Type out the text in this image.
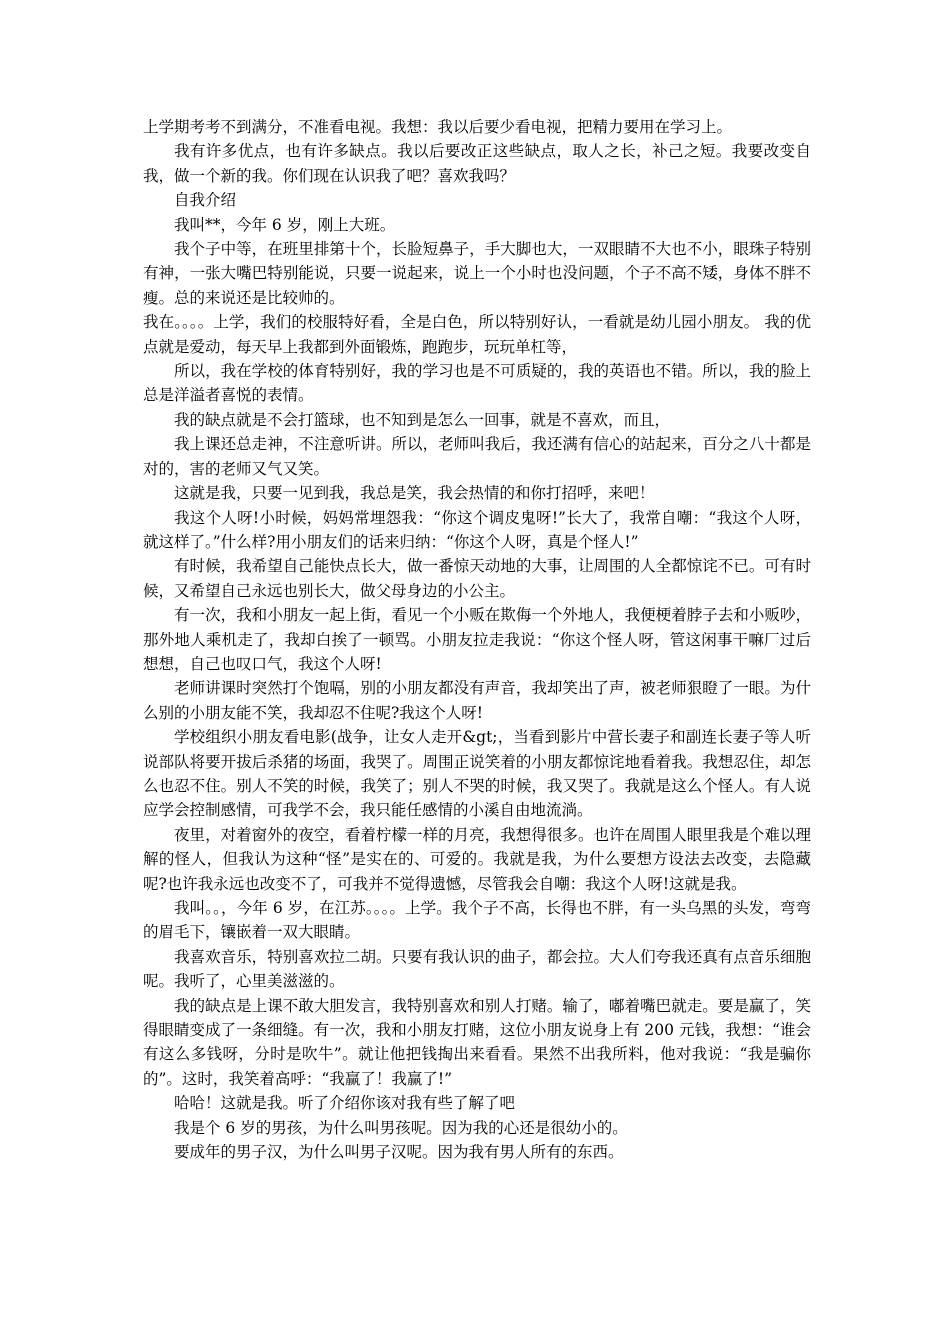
上学期考考不到满分，不准看电视。我想：我以后要少看电视，把精力要用在学习上。

我有许多优点，也有许多缺点。我以后要改正这些缺点，取人之长，补己之短。我要改变自我，做一个新的我。你们现在认识我了吧？喜欢我吗？

自我介绍

我叫**，今年 6 岁，刚上大班。

我个子中等，在班里排第十个，长脸短鼻子，手大脚也大，一双眼睛不大也不小，眼珠子特别有神，一张大嘴巴特别能说，只要一说起来，说上一个小时也没问题，个子不高不矮，身体不胖不瘦。总的来说还是比较帅的。

我在。。。。上学，我们的校服特好看，全是白色，所以特别好认，一看就是幼儿园小朋友。 我的优点就是爱动，每天早上我都到外面锻炼，跑跑步，玩玩单杠等，

所以，我在学校的体育特别好，我的学习也是不可质疑的，我的英语也不错。所以，我的脸上总是洋溢者喜悦的表情。

我的缺点就是不会打篮球，也不知到是怎么一回事，就是不喜欢，而且，

我上课还总走神，不注意听讲。所以，老师叫我后，我还满有信心的站起来，百分之八十都是对的，害的老师又气又笑。

这就是我，只要一见到我，我总是笑，我会热情的和你打招呼，来吧！

我这个人呀!小时候，妈妈常埋怨我：“你这个调皮鬼呀!”长大了，我常自嘲：“我这个人呀，就这样了。”什么样?用小朋友们的话来归纳：“你这个人呀，真是个怪人!”

有时候，我希望自己能快点长大，做一番惊天动地的大事，让周围的人全都惊诧不已。可有时候，又希望自己永远也别长大，做父母身边的小公主。

有一次，我和小朋友一起上街，看见一个小贩在欺侮一个外地人，我便梗着脖子去和小贩吵，那外地人乘机走了，我却白挨了一顿骂。小朋友拉走我说：“你这个怪人呀，管这闲事干嘛厂过后想想，自己也叹口气，我这个人呀!

老师讲课时突然打个饱嗝，别的小朋友都没有声音，我却笑出了声，被老师狠瞪了一眼。为什么别的小朋友能不笑，我却忍不住呢?我这个人呀!

学校组织小朋友看电影(战争，让女人走开&gt;，当看到影片中营长妻子和副连长妻子等人听说部队将要开拔后杀猪的场面，我哭了。周围正说笑着的小朋友都惊诧地看着我。我想忍住，却怎么也忍不住。别人不笑的时候，我笑了；别人不哭的时候，我又哭了。我就是这么个怪人。有人说应学会控制感情，可我学不会，我只能任感情的小溪自由地流淌。

夜里，对着窗外的夜空，看着柠檬一样的月亮，我想得很多。也许在周围人眼里我是个难以理解的怪人，但我认为这种“怪”是实在的、可爱的。我就是我，为什么要想方设法去改变，去隐藏呢?也许我永远也改变不了，可我并不觉得遗憾，尽管我会自嘲：我这个人呀!这就是我。

我叫。。，今年 6 岁，在江苏。。。。上学。我个子不高，长得也不胖，有一头乌黑的头发，弯弯的眉毛下，镶嵌着一双大眼睛。

我喜欢音乐，特别喜欢拉二胡。只要有我认识的曲子，都会拉。大人们夸我还真有点音乐细胞呢。我听了，心里美滋滋的。

我的缺点是上课不敢大胆发言，我特别喜欢和别人打赌。输了，嘟着嘴巴就走。要是赢了，笑得眼睛变成了一条细缝。有一次，我和小朋友打赌，这位小朋友说身上有 200 元钱，我想：“谁会有这么多钱呀，分时是吹牛”。就让他把钱掏出来看看。果然不出我所料，他对我说：“我是骗你的”。这时，我笑着高呼：“我赢了！我赢了!”

哈哈！这就是我。听了介绍你该对我有些了解了吧

我是个 6 岁的男孩，为什么叫男孩呢。因为我的心还是很幼小的。

要成年的男子汉，为什么叫男子汉呢。因为我有男人所有的东西。
